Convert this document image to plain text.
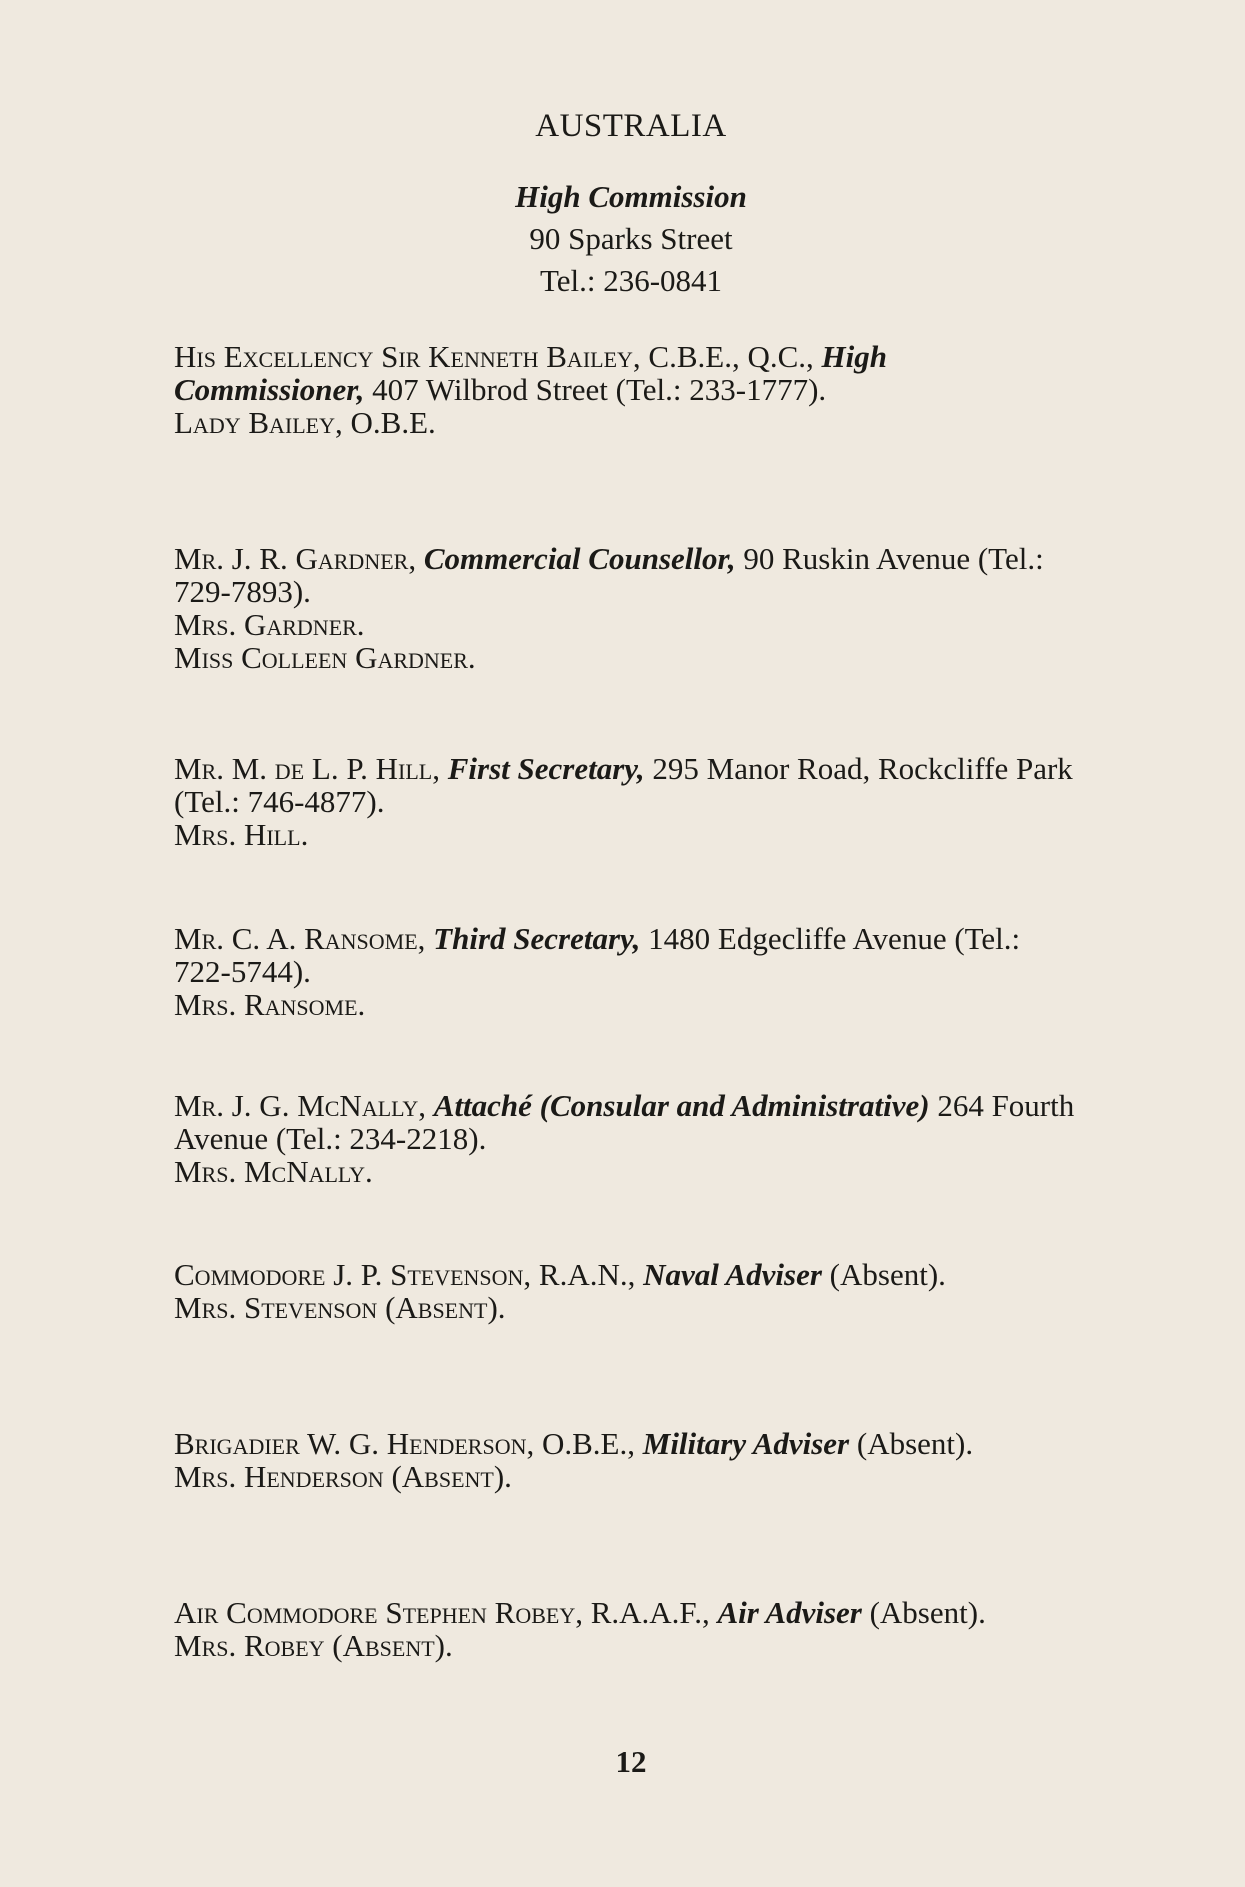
AUSTRALIA
High Commission
90 Sparks Street
Tel.: 236-0841

His Excellency Sir Kenneth Bailey, C.B.E., Q.C., High Commissioner, 407 Wilbrod Street (Tel.: 233-1777).

Lady Bailey, O.B.E.

Mr. J. R. Gardner, Commercial Counsellor, 90 Ruskin Avenue (Tel.: 729-7893).

Mrs. Gardner.

Miss Colleen Gardner.

Mr. M. de L. P. Hill, First Secretary, 295 Manor Road, Rockcliffe Park (Tel.: 746-4877).

Mrs. Hill.

Mr. C. A. Ransome, Third Secretary, 1480 Edgecliffe Avenue (Tel.: 722-5744).

Mrs. Ransome.

Mr. J. G. McNally, Attaché (Consular and Administrative) 264 Fourth Avenue (Tel.: 234-2218).

Mrs. McNally.

Commodore J. P. Stevenson, R.A.N., Naval Adviser (Absent).

Mrs. Stevenson (Absent).

Brigadier W. G. Henderson, O.B.E., Military Adviser (Absent).

Mrs. Henderson (Absent).

Air Commodore Stephen Robey, R.A.A.F., Air Adviser (Absent).

Mrs. Robey (Absent).

12
